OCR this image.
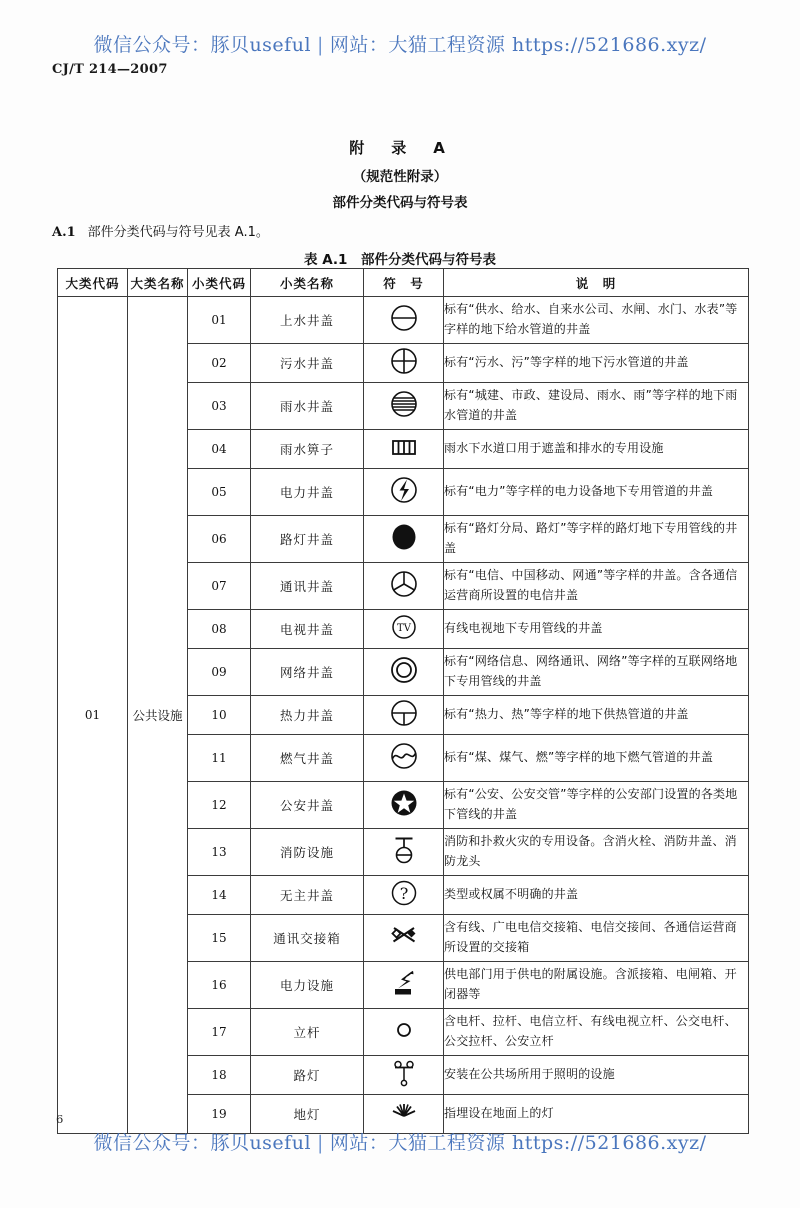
微信公众号：豚贝useful | 网站：大猫工程资源 https://521686.xyz/
CJ/T 214—2007
附　录　A
（规范性附录）
部件分类代码与符号表
A.1 部件分类代码与符号见表 A.1。
表 A.1　部件分类代码与符号表
大类代码	大类名称	小类代码	小类名称	符　号	说　明
01	公共设施	01	上水井盖		标有“供水、给水、自来水公司、水闸、水门、水表”等字样的地下给水管道的井盖
		02	污水井盖		标有“污水、污”等字样的地下污水管道的井盖
		03	雨水井盖		标有“城建、市政、建设局、雨水、雨”等字样的地下雨水管道的井盖
		04	雨水箅子		雨水下水道口用于遮盖和排水的专用设施
		05	电力井盖		标有“电力”等字样的电力设备地下专用管道的井盖
		06	路灯井盖		标有“路灯分局、路灯”等字样的路灯地下专用管线的井盖
		07	通讯井盖		标有“电信、中国移动、网通”等字样的井盖。含各通信运营商所设置的电信井盖
		08	电视井盖	TV	有线电视地下专用管线的井盖
		09	网络井盖		标有“网络信息、网络通讯、网络”等字样的互联网络地下专用管线的井盖
		10	热力井盖		标有“热力、热”等字样的地下供热管道的井盖
		11	燃气井盖		标有“煤、煤气、燃”等字样的地下燃气管道的井盖
		12	公安井盖		标有“公安、公安交管”等字样的公安部门设置的各类地下管线的井盖
		13	消防设施		消防和扑救火灾的专用设备。含消火栓、消防井盖、消防龙头
		14	无主井盖	?	类型或权属不明确的井盖
		15	通讯交接箱		含有线、广电电信交接箱、电信交接间、各通信运营商所设置的交接箱
		16	电力设施		供电部门用于供电的附属设施。含派接箱、电闸箱、开闭器等
		17	立杆		含电杆、拉杆、电信立杆、有线电视立杆、公交电杆、公交拉杆、公安立杆
		18	路灯		安装在公共场所用于照明的设施
		19	地灯		指埋设在地面上的灯
6
微信公众号：豚贝useful | 网站：大猫工程资源 https://521686.xyz/
